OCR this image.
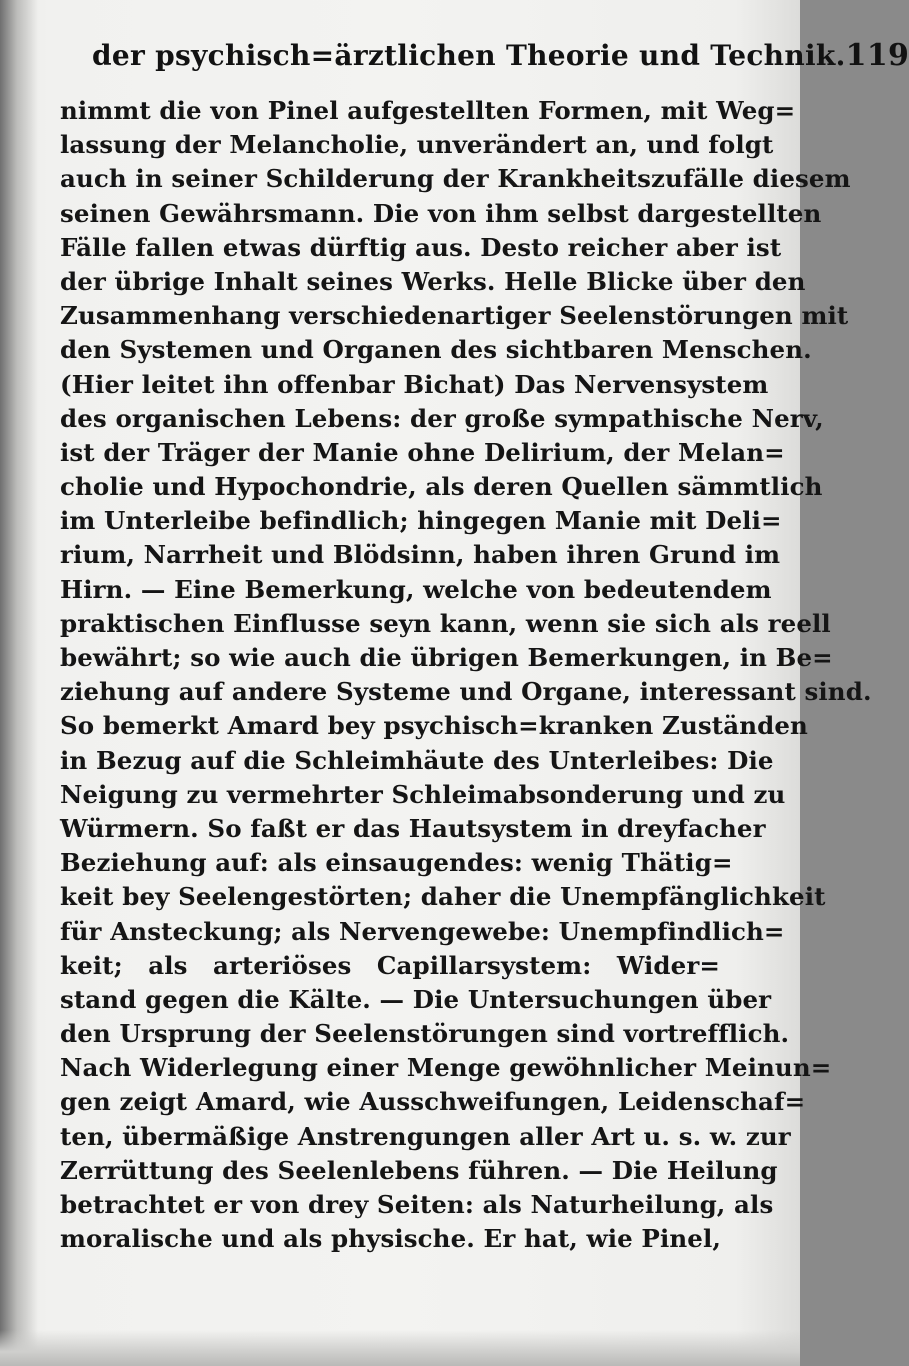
der psychisch=ärztlichen Theorie und Technik. 119
nimmt die von Pinel aufgestellten Formen, mit Weg=
lassung der Melancholie, unverändert an, und folgt
auch in seiner Schilderung der Krankheitszufälle diesem
seinen Gewährsmann. Die von ihm selbst dargestellten
Fälle fallen etwas dürftig aus. Desto reicher aber ist
der übrige Inhalt seines Werks. Helle Blicke über den
Zusammenhang verschiedenartiger Seelenstörungen mit
den Systemen und Organen des sichtbaren Menschen.
(Hier leitet ihn offenbar Bichat) Das Nervensystem
des organischen Lebens: der große sympathische Nerv,
ist der Träger der Manie ohne Delirium, der Melan=
cholie und Hypochondrie, als deren Quellen sämmtlich
im Unterleibe befindlich; hingegen Manie mit Deli=
rium, Narrheit und Blödsinn, haben ihren Grund im
Hirn. — Eine Bemerkung, welche von bedeutendem
praktischen Einflusse seyn kann, wenn sie sich als reell
bewährt; so wie auch die übrigen Bemerkungen, in Be=
ziehung auf andere Systeme und Organe, interessant sind.
So bemerkt Amard bey psychisch=kranken Zuständen
in Bezug auf die Schleimhäute des Unterleibes: Die
Neigung zu vermehrter Schleimabsonderung und zu
Würmern. So faßt er das Hautsystem in dreyfacher
Beziehung auf: als einsaugendes: wenig Thätig=
keit bey Seelengestörten; daher die Unempfänglichkeit
für Ansteckung; als Nervengewebe: Unempfindlich=
keit; als arteriöses Capillarsystem: Wider=
stand gegen die Kälte. — Die Untersuchungen über
den Ursprung der Seelenstörungen sind vortrefflich.
Nach Widerlegung einer Menge gewöhnlicher Meinun=
gen zeigt Amard, wie Ausschweifungen, Leidenschaf=
ten, übermäßige Anstrengungen aller Art u. s. w. zur
Zerrüttung des Seelenlebens führen. — Die Heilung
betrachtet er von drey Seiten: als Naturheilung, als
moralische und als physische. Er hat, wie Pinel,
